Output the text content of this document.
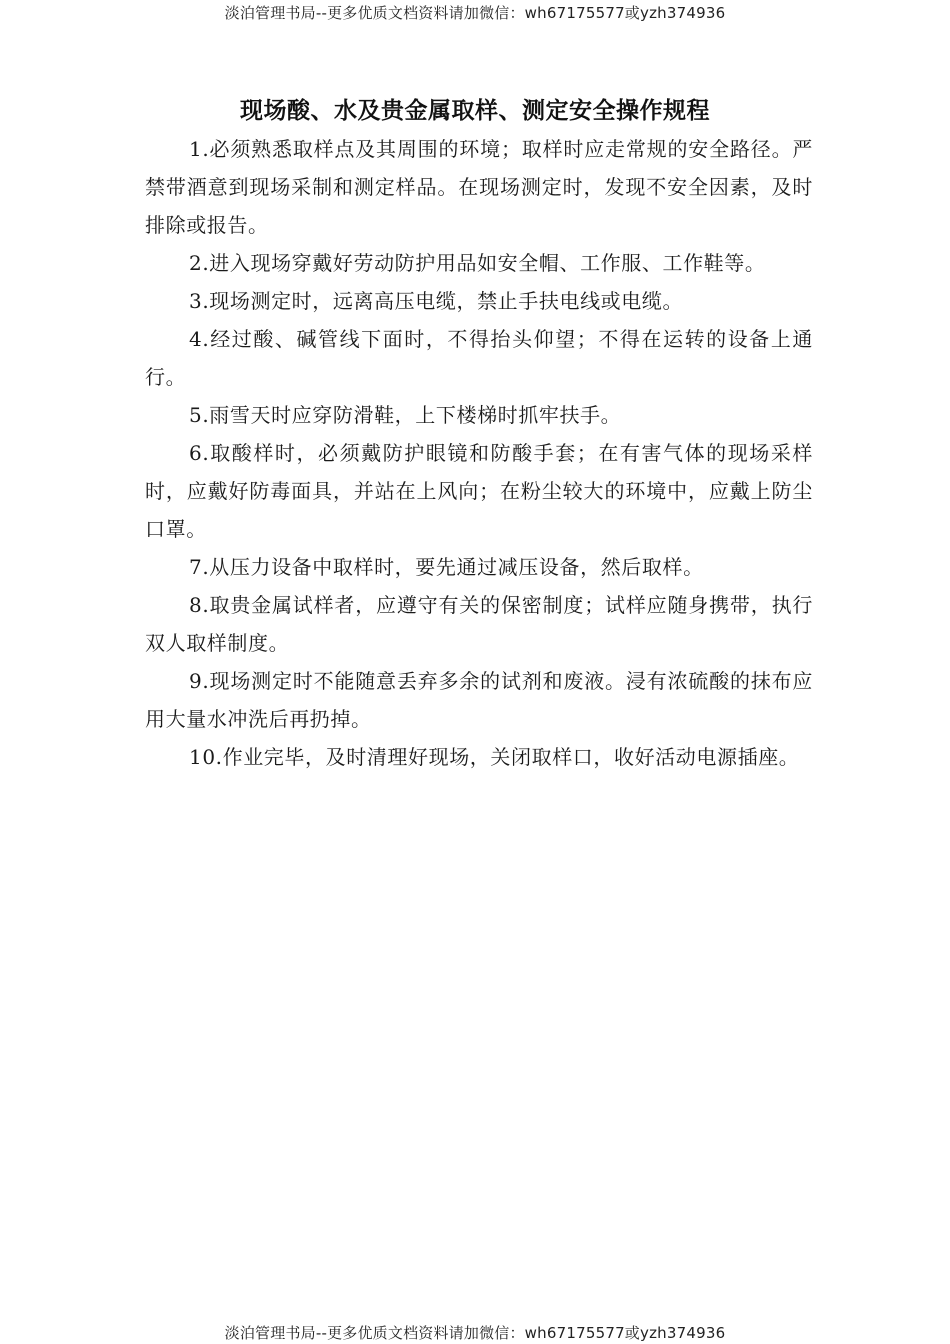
淡泊管理书局--更多优质文档资料请加微信：wh67175577或yzh374936
现场酸、水及贵金属取样、测定安全操作规程

1.必须熟悉取样点及其周围的环境；取样时应走常规的安全路径。严禁带酒意到现场采制和测定样品。在现场测定时，发现不安全因素，及时排除或报告。

2.进入现场穿戴好劳动防护用品如安全帽、工作服、工作鞋等。

3.现场测定时，远离高压电缆，禁止手扶电线或电缆。

4.经过酸、碱管线下面时，不得抬头仰望；不得在运转的设备上通行。

5.雨雪天时应穿防滑鞋，上下楼梯时抓牢扶手。

6.取酸样时，必须戴防护眼镜和防酸手套；在有害气体的现场采样时，应戴好防毒面具，并站在上风向；在粉尘较大的环境中，应戴上防尘口罩。

7.从压力设备中取样时，要先通过减压设备，然后取样。

8.取贵金属试样者，应遵守有关的保密制度；试样应随身携带，执行双人取样制度。

9.现场测定时不能随意丢弃多余的试剂和废液。浸有浓硫酸的抹布应用大量水冲洗后再扔掉。

10.作业完毕，及时清理好现场，关闭取样口，收好活动电源插座。

淡泊管理书局--更多优质文档资料请加微信：wh67175577或yzh374936
